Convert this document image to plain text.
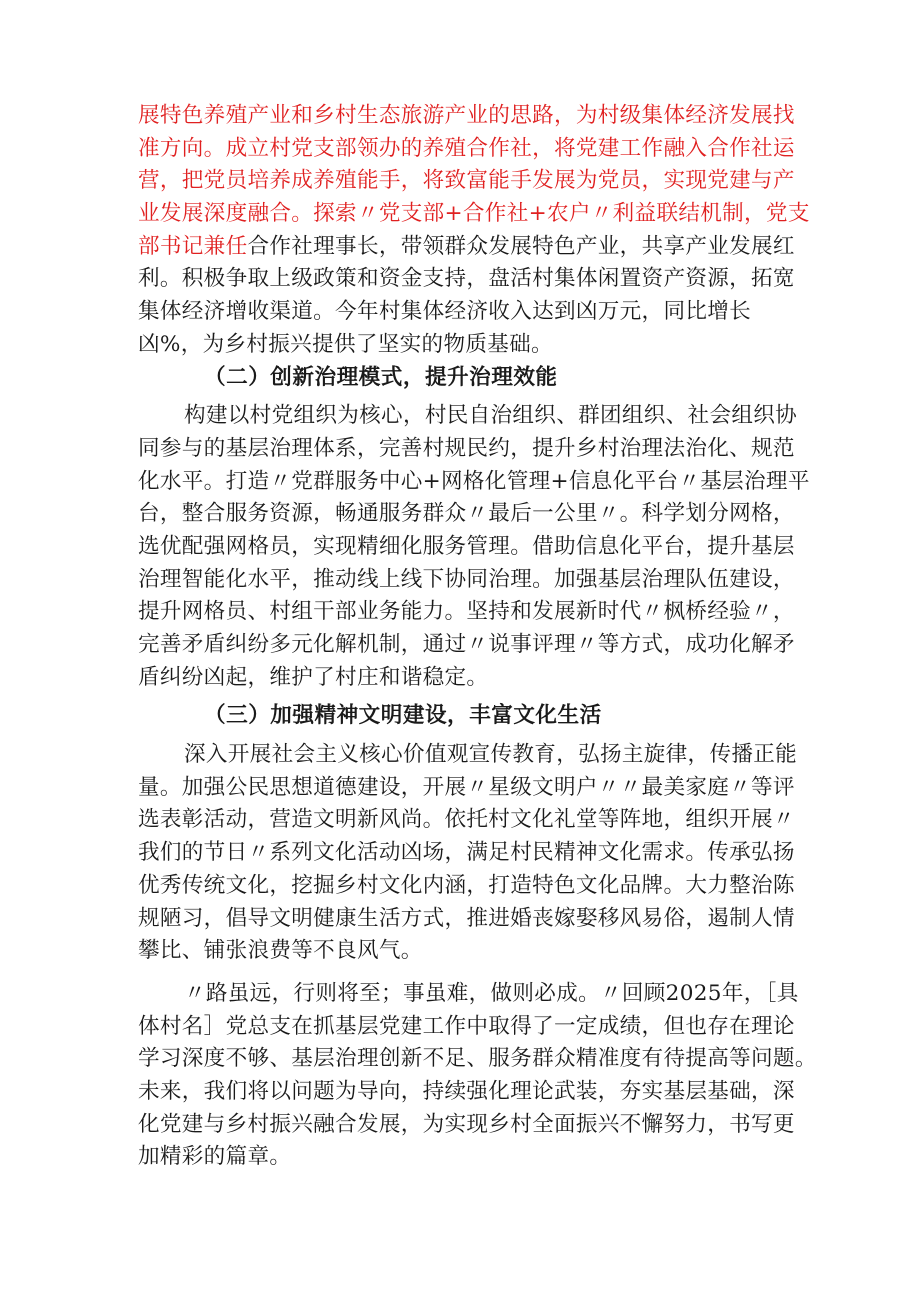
展特色养殖产业和乡村生态旅游产业的思路，为村级集体经济发展找
准方向。成立村党支部领办的养殖合作社，将党建工作融入合作社运
营，把党员培养成养殖能手，将致富能手发展为党员，实现党建与产
业发展深度融合。探索〃党支部+合作社+农户〃利益联结机制，党支
部书记兼任合作社理事长，带领群众发展特色产业，共享产业发展红
利。积极争取上级政策和资金支持，盘活村集体闲置资产资源，拓宽
集体经济增收渠道。今年村集体经济收入达到凶万元，同比增长
凶%，为乡村振兴提供了坚实的物质基础。
（二）创新治理模式，提升治理效能
构建以村党组织为核心，村民自治组织、群团组织、社会组织协
同参与的基层治理体系，完善村规民约，提升乡村治理法治化、规范
化水平。打造〃党群服务中心+网格化管理+信息化平台〃基层治理平
台，整合服务资源，畅通服务群众〃最后一公里〃。科学划分网格，
选优配强网格员，实现精细化服务管理。借助信息化平台，提升基层
治理智能化水平，推动线上线下协同治理。加强基层治理队伍建设，
提升网格员、村组干部业务能力。坚持和发展新时代〃枫桥经验〃，
完善矛盾纠纷多元化解机制，通过〃说事评理〃等方式，成功化解矛
盾纠纷凶起，维护了村庄和谐稳定。
（三）加强精神文明建设，丰富文化生活
深入开展社会主义核心价值观宣传教育，弘扬主旋律，传播正能
量。加强公民思想道德建设，开展〃星级文明户〃〃最美家庭〃等评
选表彰活动，营造文明新风尚。依托村文化礼堂等阵地，组织开展〃
我们的节日〃系列文化活动凶场，满足村民精神文化需求。传承弘扬
优秀传统文化，挖掘乡村文化内涵，打造特色文化品牌。大力整治陈
规陋习，倡导文明健康生活方式，推进婚丧嫁娶移风易俗，遏制人情
攀比、铺张浪费等不良风气。
〃路虽远，行则将至；事虽难，做则必成。〃回顾2025年，［具
体村名］党总支在抓基层党建工作中取得了一定成绩，但也存在理论
学习深度不够、基层治理创新不足、服务群众精准度有待提高等问题。
未来，我们将以问题为导向，持续强化理论武装，夯实基层基础，深
化党建与乡村振兴融合发展，为实现乡村全面振兴不懈努力，书写更
加精彩的篇章。
